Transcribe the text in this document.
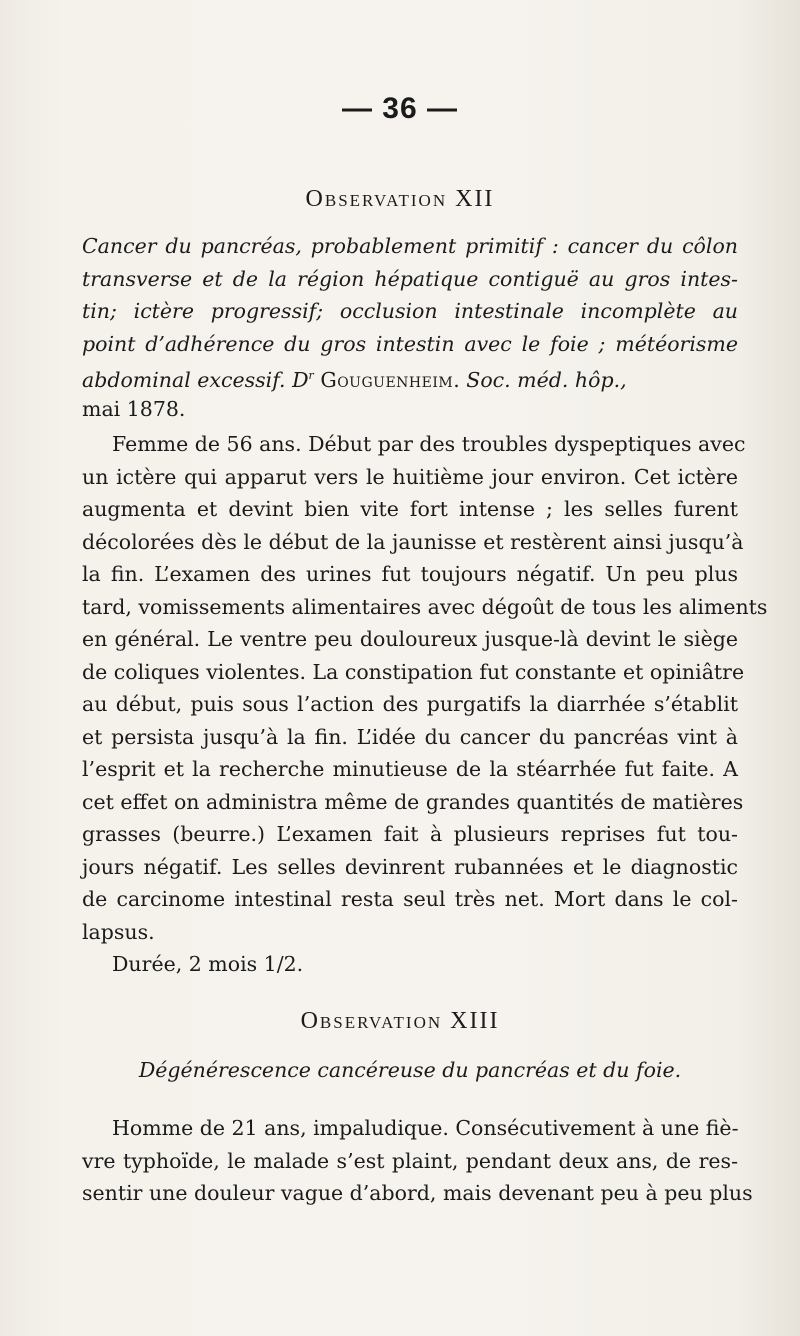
— 36 —
Observation XII

Cancer du pancréas, probablement primitif : cancer du côlon
transverse et de la région hépatique contiguë au gros intes-
tin; ictère progressif; occlusion intestinale incomplète au
point d’adhérence du gros intestin avec le foie ; météorisme
abdominal excessif. $D^r$ Gouguenheim. Soc. méd. hôp.,
mai 1878.

Femme de 56 ans. Début par des troubles dyspeptiques avec
un ictère qui apparut vers le huitième jour environ. Cet ictère
augmenta et devint bien vite fort intense ; les selles furent
décolorées dès le début de la jaunisse et restèrent ainsi jusqu’à
la fin. L’examen des urines fut toujours négatif. Un peu plus
tard, vomissements alimentaires avec dégoût de tous les aliments
en général. Le ventre peu douloureux jusque-là devint le siège
de coliques violentes. La constipation fut constante et opiniâtre
au début, puis sous l’action des purgatifs la diarrhée s’établit
et persista jusqu’à la fin. L’idée du cancer du pancréas vint à
l’esprit et la recherche minutieuse de la stéarrhée fut faite. A
cet effet on administra même de grandes quantités de matières
grasses (beurre.) L’examen fait à plusieurs reprises fut tou-
jours négatif. Les selles devinrent rubannées et le diagnostic
de carcinome intestinal resta seul très net. Mort dans le col-
lapsus.
Durée, 2 mois 1/2.

Observation XIII

Dégénérescence cancéreuse du pancréas et du foie.

Homme de 21 ans, impaludique. Consécutivement à une fiè-
vre typhoïde, le malade s’est plaint, pendant deux ans, de res-
sentir une douleur vague d’abord, mais devenant peu à peu plus
